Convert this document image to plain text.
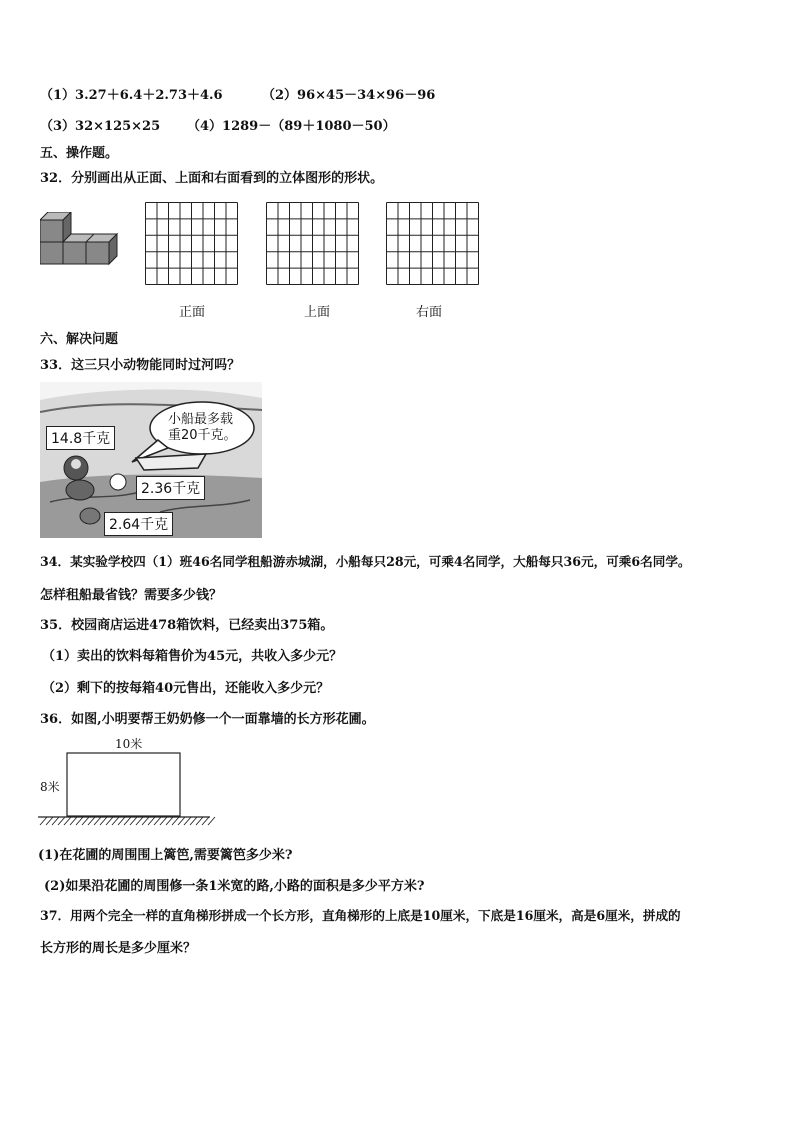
（1）3.27＋6.4＋2.73＋4.6	（2）96×45－34×96－96
（3）32×125×25 （4）1289－（89＋1080－50）
五、操作题。
32．分别画出从正面、上面和右面看到的立体图形的形状。
正面	上面	右面
六、解决问题
33．这三只小动物能同时过河吗？
14.8千克
2.36千克
2.64千克
小船最多载
重20千克。
34．某实验学校四（1）班46名同学租船游赤城湖，小船每只28元，可乘4名同学，大船每只36元，可乘6名同学。
怎样租船最省钱？需要多少钱？
35．校园商店运进478箱饮料，已经卖出375箱。
（1）卖出的饮料每箱售价为45元，共收入多少元？
（2）剩下的按每箱40元售出，还能收入多少元？
36．如图,小明要帮王奶奶修一个一面靠墙的长方形花圃。
10米
8米
(1)在花圃的周围围上篱笆,需要篱笆多少米?
(2)如果沿花圃的周围修一条1米宽的路,小路的面积是多少平方米?
37．用两个完全一样的直角梯形拼成一个长方形，直角梯形的上底是10厘米，下底是16厘米，高是6厘米，拼成的
长方形的周长是多少厘米？
